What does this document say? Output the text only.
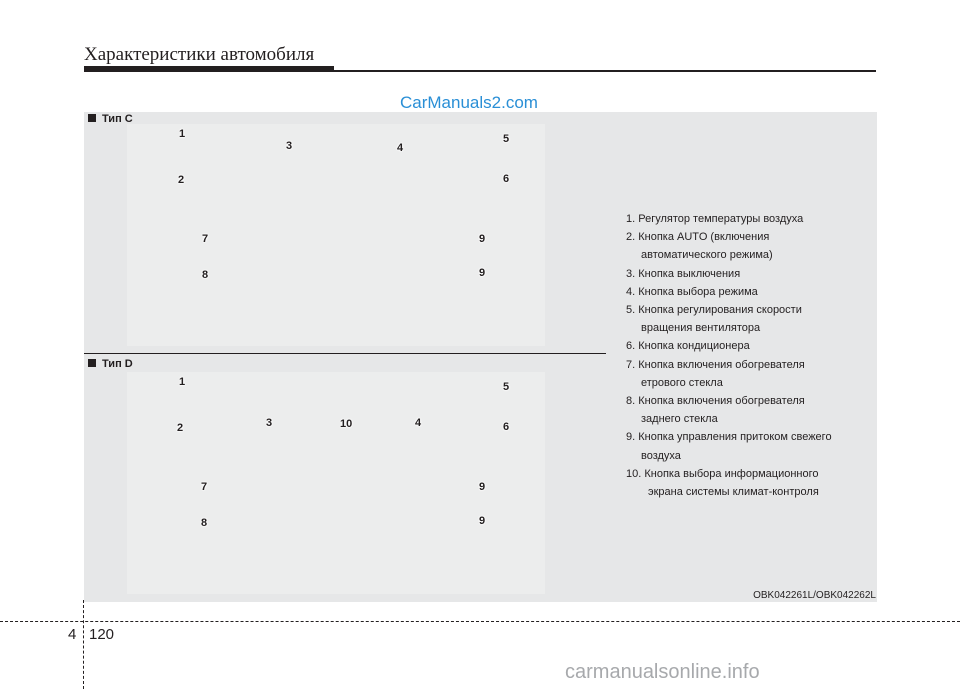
Характеристики автомобиля
CarManuals2.com
Тип C
1
2
3	4
5
6
7
8
9
9
Тип D
1
2	3	10	4
5
6
7
8
9
9
1. Регулятор температуры воздуха
2. Кнопка AUTO (включения
автоматического режима)
3. Кнопка выключения
4. Кнопка выбора режима
5. Кнопка регулирования скорости
вращения вентилятора
6. Кнопка кондиционера
7. Кнопка включения обогревателя
етрового стекла
8. Кнопка включения обогревателя
заднего стекла
9. Кнопка управления притоком свежего
воздуха
10. Кнопка выбора информационного
экрана системы климат-контроля
OBK042261L/OBK042262L
4 120
carmanualsonline.info
